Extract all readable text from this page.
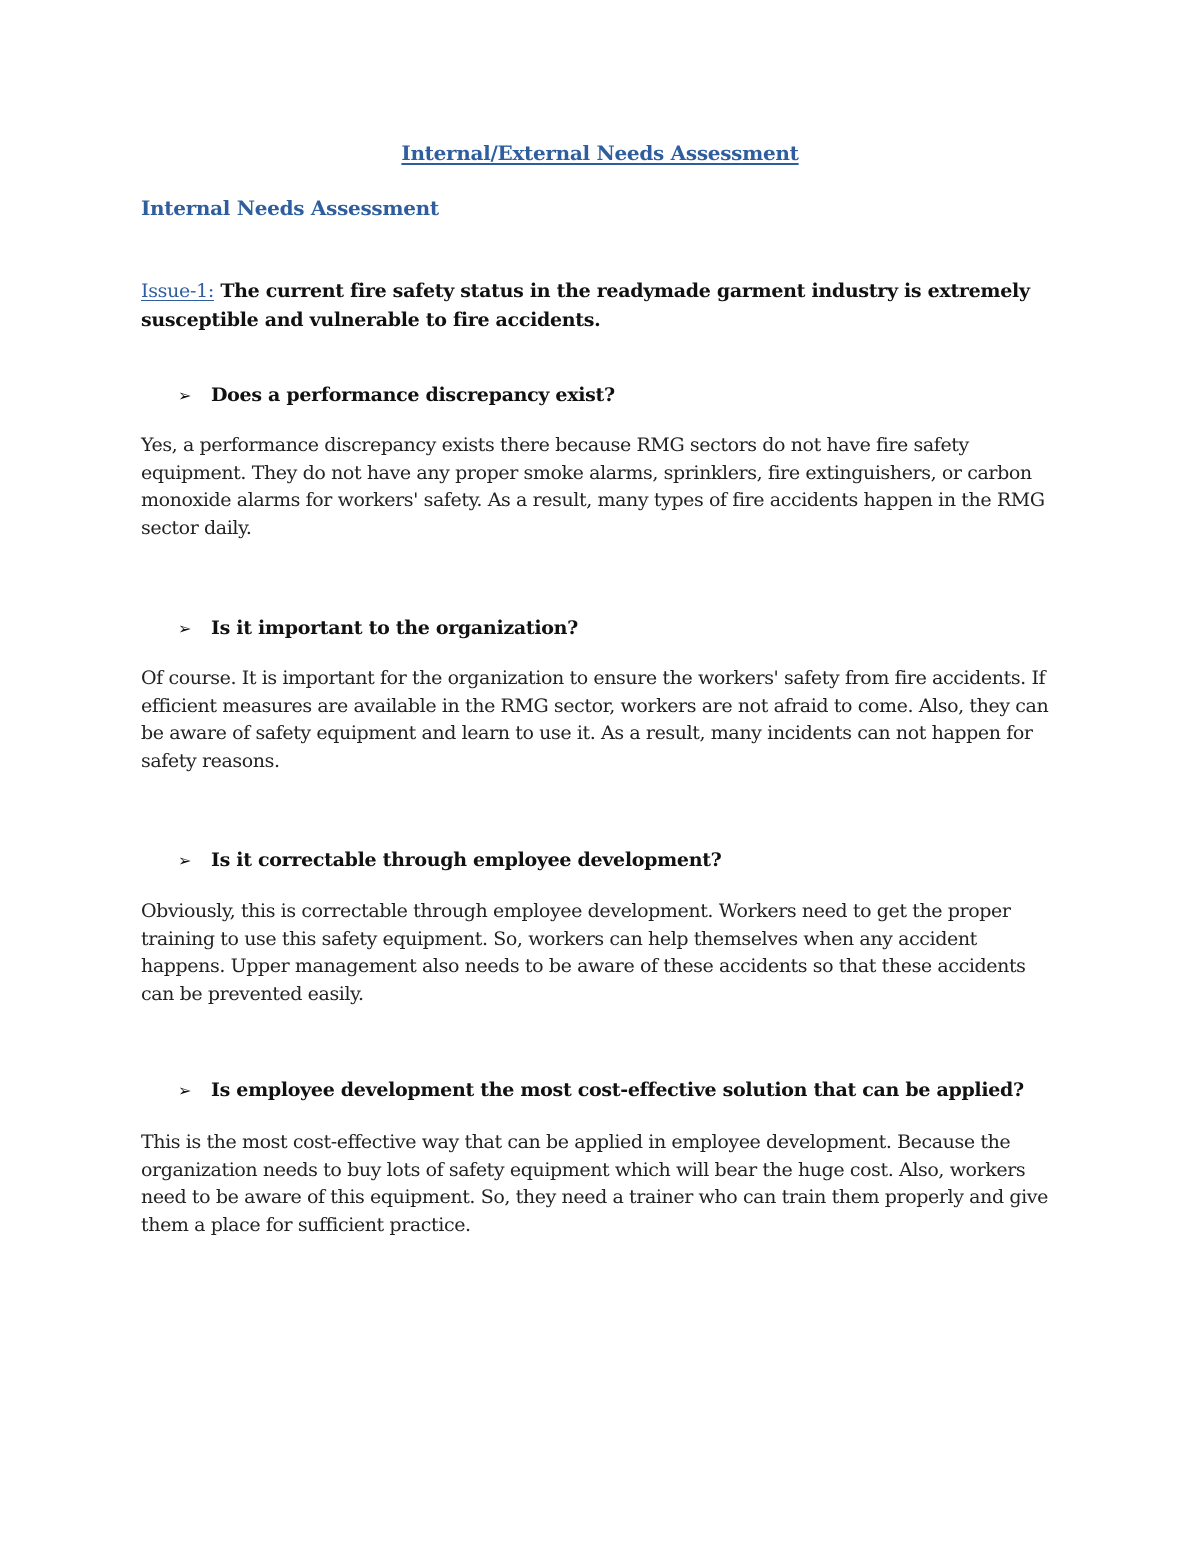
Internal/External Needs Assessment
Internal Needs Assessment
Issue-1: The current fire safety status in the readymade garment industry is extremely susceptible and vulnerable to fire accidents.
➢ Does a performance discrepancy exist?
Yes, a performance discrepancy exists there because RMG sectors do not have fire safety equipment. They do not have any proper smoke alarms, sprinklers, fire extinguishers, or carbon monoxide alarms for workers' safety. As a result, many types of fire accidents happen in the RMG sector daily.
➢ Is it important to the organization?
Of course. It is important for the organization to ensure the workers' safety from fire accidents. If efficient measures are available in the RMG sector, workers are not afraid to come. Also, they can be aware of safety equipment and learn to use it. As a result, many incidents can not happen for safety reasons.
➢ Is it correctable through employee development?
Obviously, this is correctable through employee development. Workers need to get the proper training to use this safety equipment. So, workers can help themselves when any accident happens. Upper management also needs to be aware of these accidents so that these accidents can be prevented easily.
➢ Is employee development the most cost-effective solution that can be applied?
This is the most cost-effective way that can be applied in employee development. Because the organization needs to buy lots of safety equipment which will bear the huge cost. Also, workers need to be aware of this equipment. So, they need a trainer who can train them properly and give them a place for sufficient practice.
